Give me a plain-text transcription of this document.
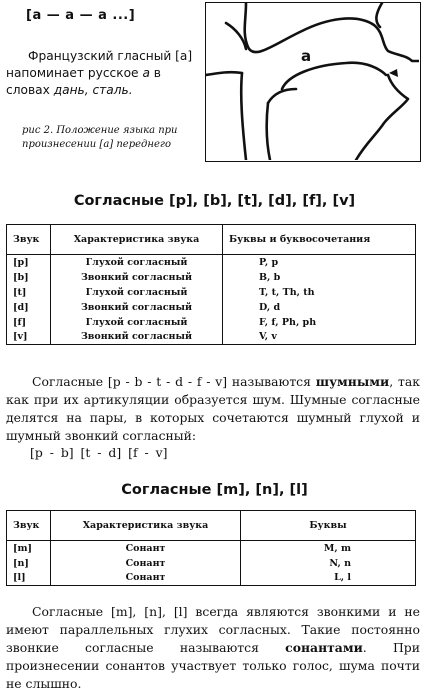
[a — a — a ...]

Французский гласный [a] напоминает русское а в словах дань, сталь.

рис 2. Положение языка при произнесении [a] переднего

a
Согласные [p], [b], [t], [d], [f], [v]
Звук	Характеристика звука	Буквы и буквосочетания
[p]	Глухой согласный	P, p
[b]	Звонкий согласный	B, b
[t]	Глухой согласный	T, t, Th, th
[d]	Звонкий согласный	D, d
[f]	Глухой согласный	F, f, Ph, ph
[v]	Звонкий согласный	V, v

Согласные [p - b - t - d - f - v] называются шумными, так как при их артикуляции образуется шум. Шумные согласные делятся на пары, в которых сочетаются шумный глухой и шумный звонкий согласный:

[p - b] [t - d] [f - v]
Согласные [m], [n], [l]
Звук	Характеристика звука	Буквы
[m]	Сонант	M, m
[n]	Сонант	N, n
[l]	Сонант	L, l

Согласные [m], [n], [l] всегда являются звонкими и не имеют параллельных глухих согласных. Такие постоянно звонкие согласные называются сонантами. При произнесении сонантов участвует только голос, шума почти не слышно.
